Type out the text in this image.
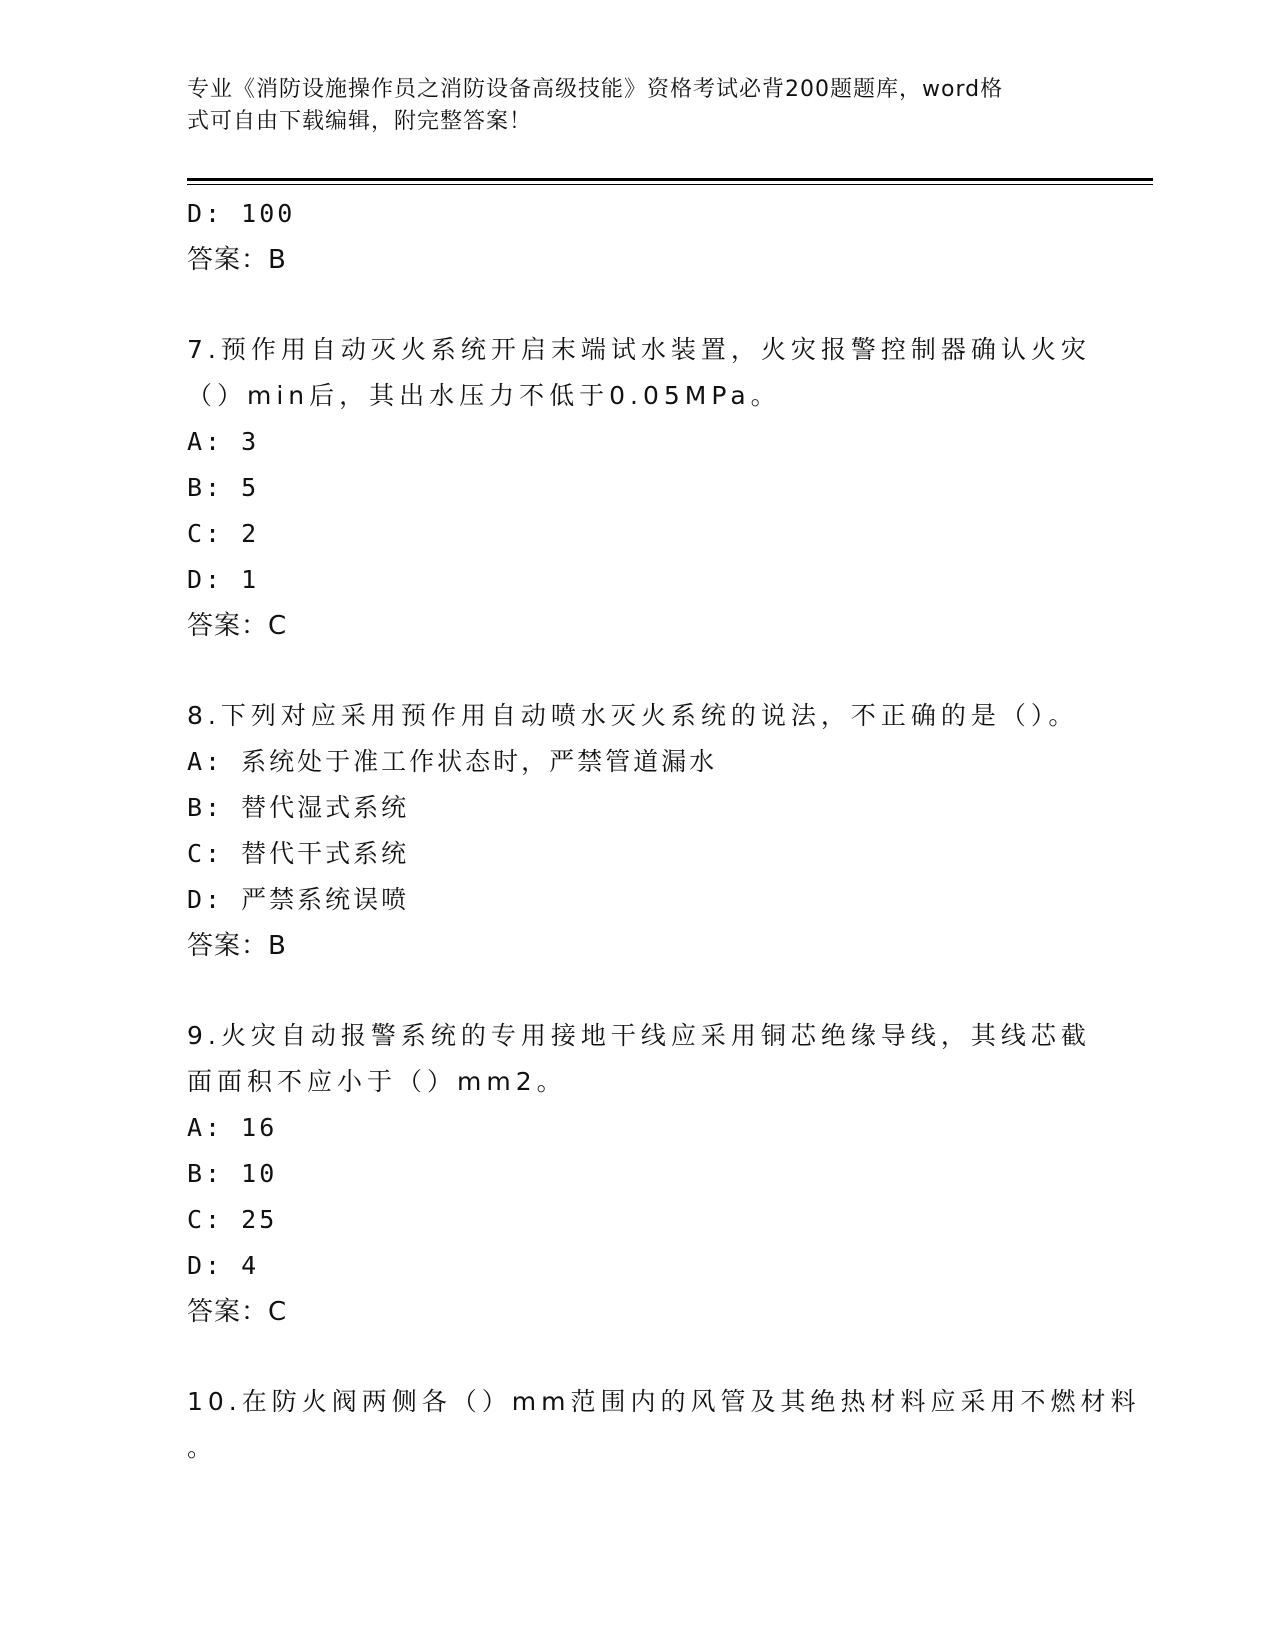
专业《消防设施操作员之消防设备高级技能》资格考试必背200题题库，word格
式可自由下载编辑，附完整答案！
D: 100
答案：B
7.预作用自动灭火系统开启末端试水装置，火灾报警控制器确认火灾
（）min后，其出水压力不低于0.05MPa。
A: 3
B: 5
C: 2
D: 1
答案：C
8.下列对应采用预作用自动喷水灭火系统的说法，不正确的是（）。
A: 系统处于准工作状态时，严禁管道漏水
B: 替代湿式系统
C: 替代干式系统
D: 严禁系统误喷
答案：B
9.火灾自动报警系统的专用接地干线应采用铜芯绝缘导线，其线芯截
面面积不应小于（）mm2。
A: 16
B: 10
C: 25
D: 4
答案：C
10.在防火阀两侧各（）mm范围内的风管及其绝热材料应采用不燃材料
。
